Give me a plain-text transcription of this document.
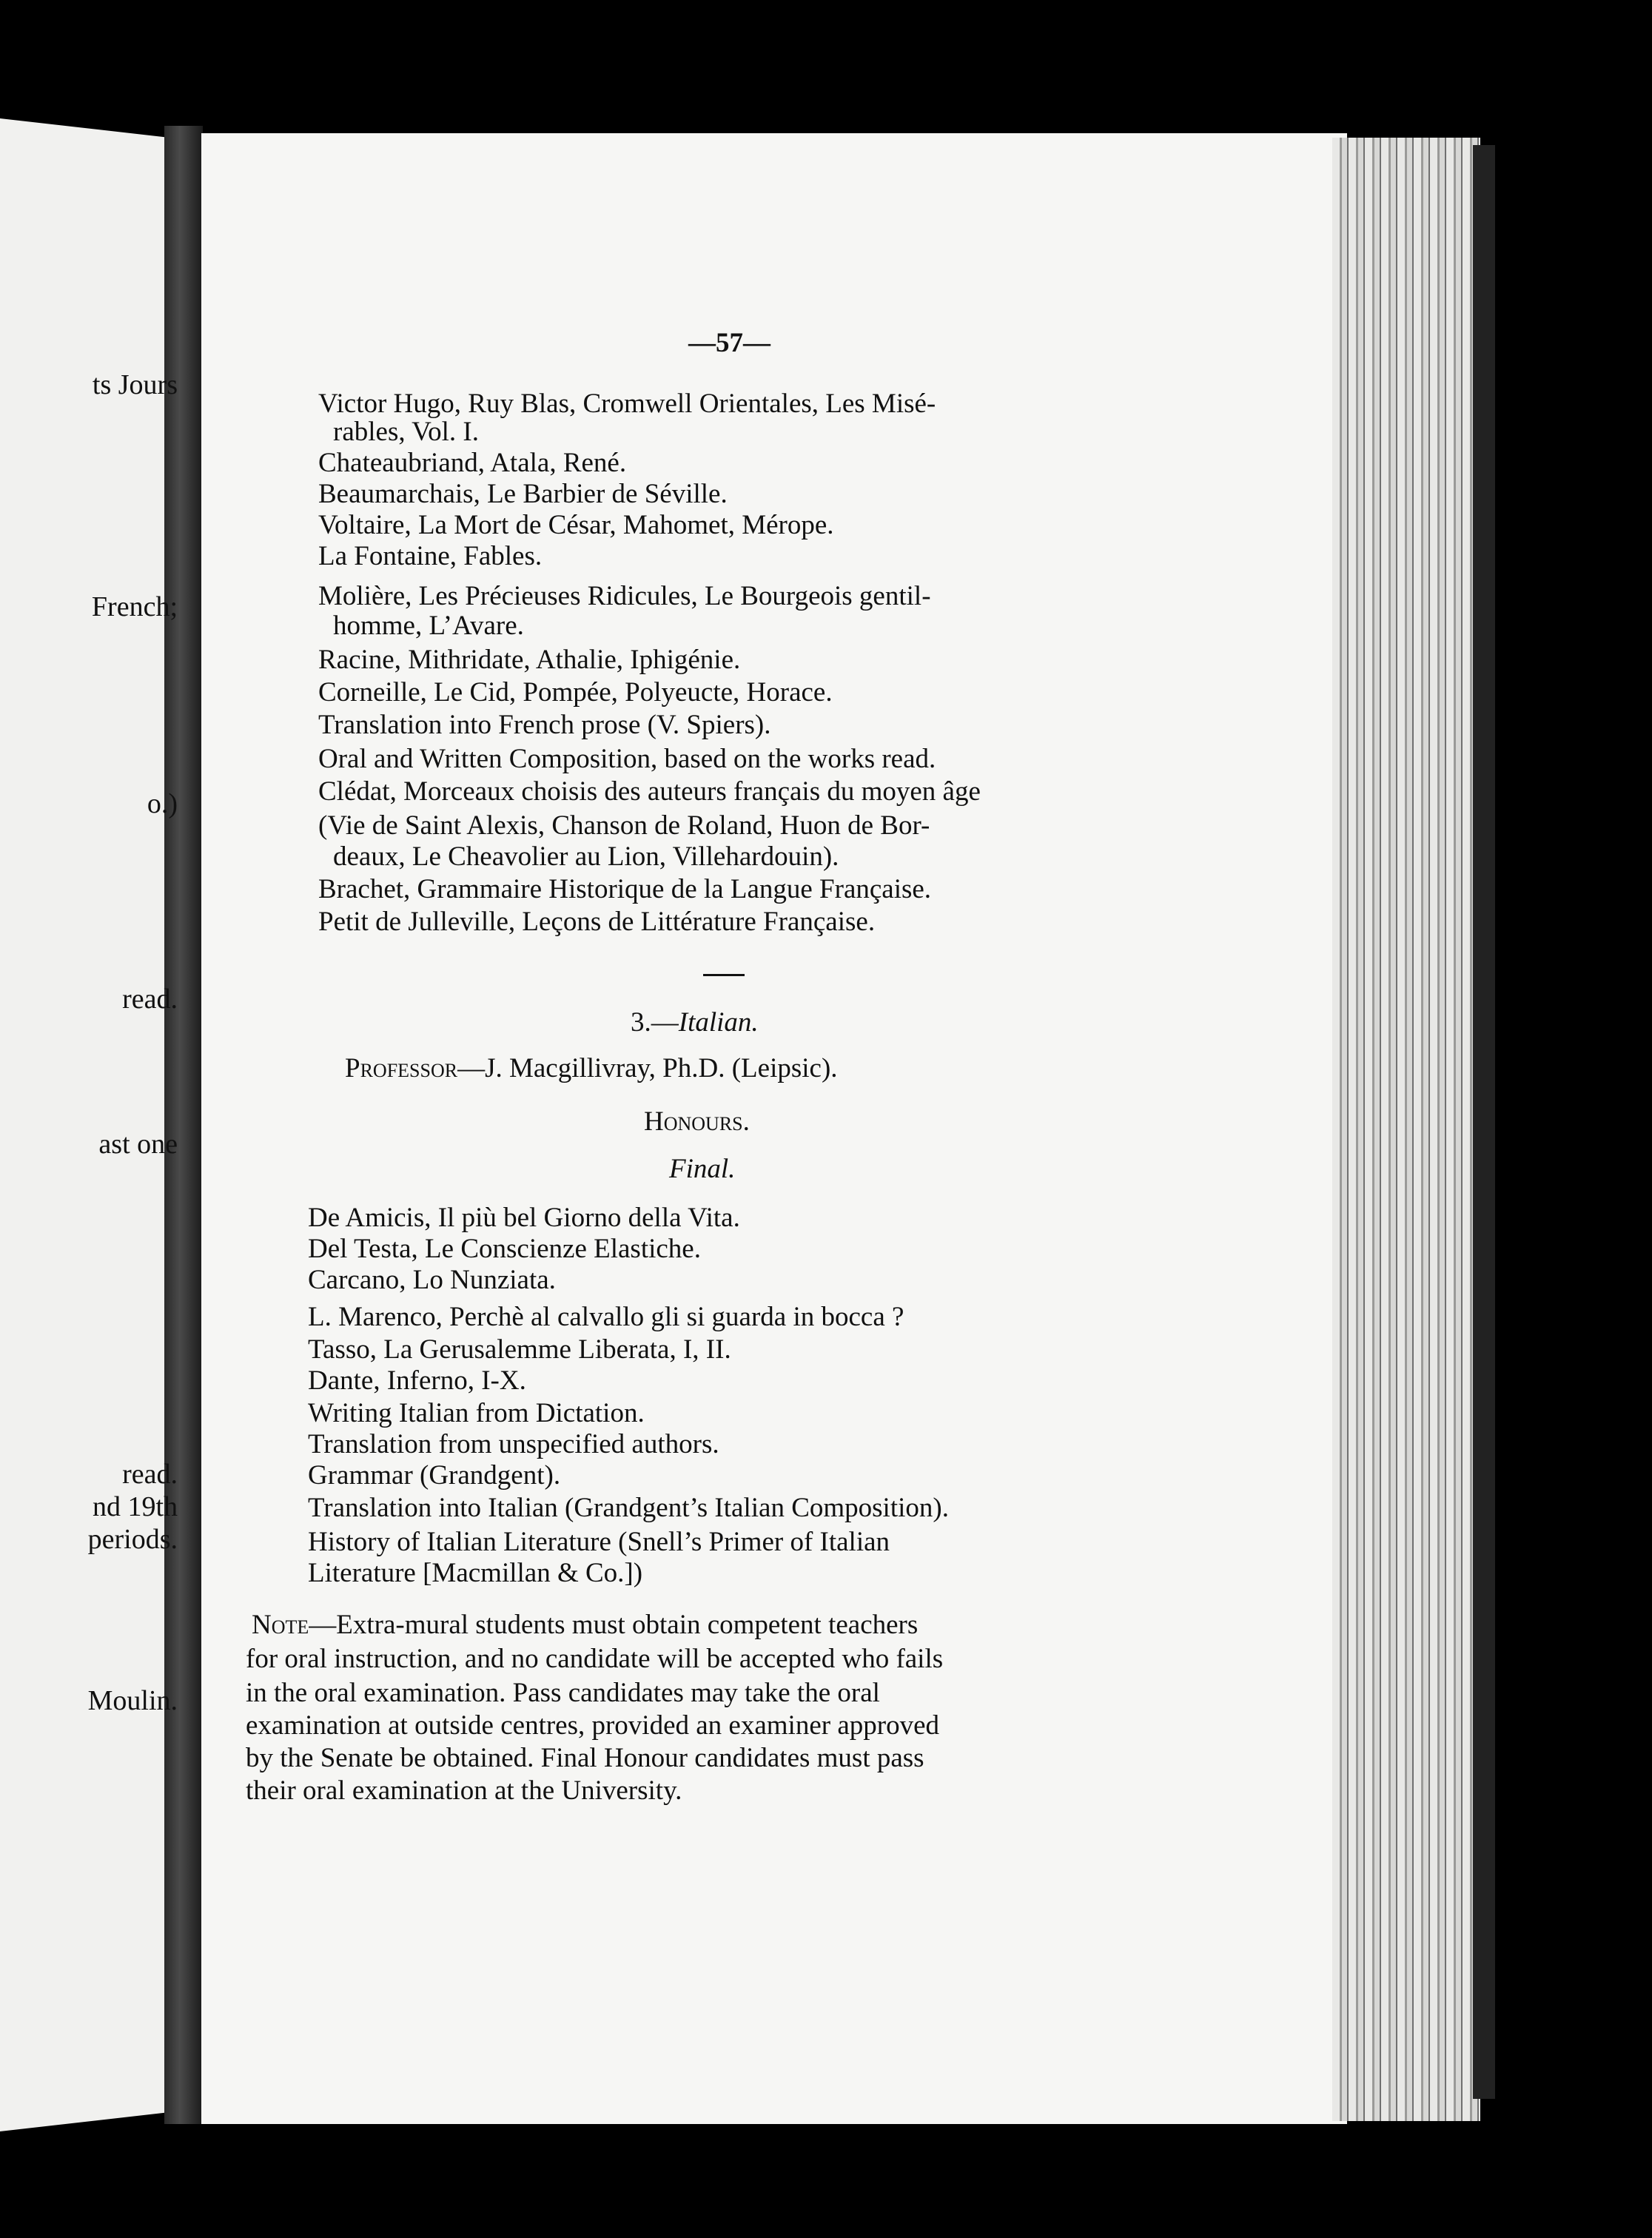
ts Jours
French;
o.)
read.
ast one
read.
nd 19th
periods.
Moulin.
—57—
Victor Hugo, Ruy Blas, Cromwell Orientales, Les Misé-
rables, Vol. I.
Chateaubriand, Atala, René.
Beaumarchais, Le Barbier de Séville.
Voltaire, La Mort de César, Mahomet, Mérope.
La Fontaine, Fables.
Molière, Les Précieuses Ridicules, Le Bourgeois gentil-
homme, L’Avare.
Racine, Mithridate, Athalie, Iphigénie.
Corneille, Le Cid, Pompée, Polyeucte, Horace.
Translation into French prose (V. Spiers).
Oral and Written Composition, based on the works read.
Clédat, Morceaux choisis des auteurs français du moyen âge
(Vie de Saint Alexis, Chanson de Roland, Huon de Bor-
deaux, Le Cheavolier au Lion, Villehardouin).
Brachet, Grammaire Historique de la Langue Française.
Petit de Julleville, Leçons de Littérature Française.
3.—Italian.
Professor—J. Macgillivray, Ph.D. (Leipsic).
Honours.
Final.
De Amicis, Il più bel Giorno della Vita.
Del Testa, Le Conscienze Elastiche.
Carcano, Lo Nunziata.
L. Marenco, Perchè al calvallo gli si guarda in bocca ?
Tasso, La Gerusalemme Liberata, I, II.
Dante, Inferno, I-X.
Writing Italian from Dictation.
Translation from unspecified authors.
Grammar (Grandgent).
Translation into Italian (Grandgent’s Italian Composition).
History of Italian Literature (Snell’s Primer of Italian
Literature [Macmillan & Co.])
Note—Extra-mural students must obtain competent teachers
for oral instruction, and no candidate will be accepted who fails
in the oral examination. Pass candidates may take the oral
examination at outside centres, provided an examiner approved
by the Senate be obtained. Final Honour candidates must pass
their oral examination at the University.
